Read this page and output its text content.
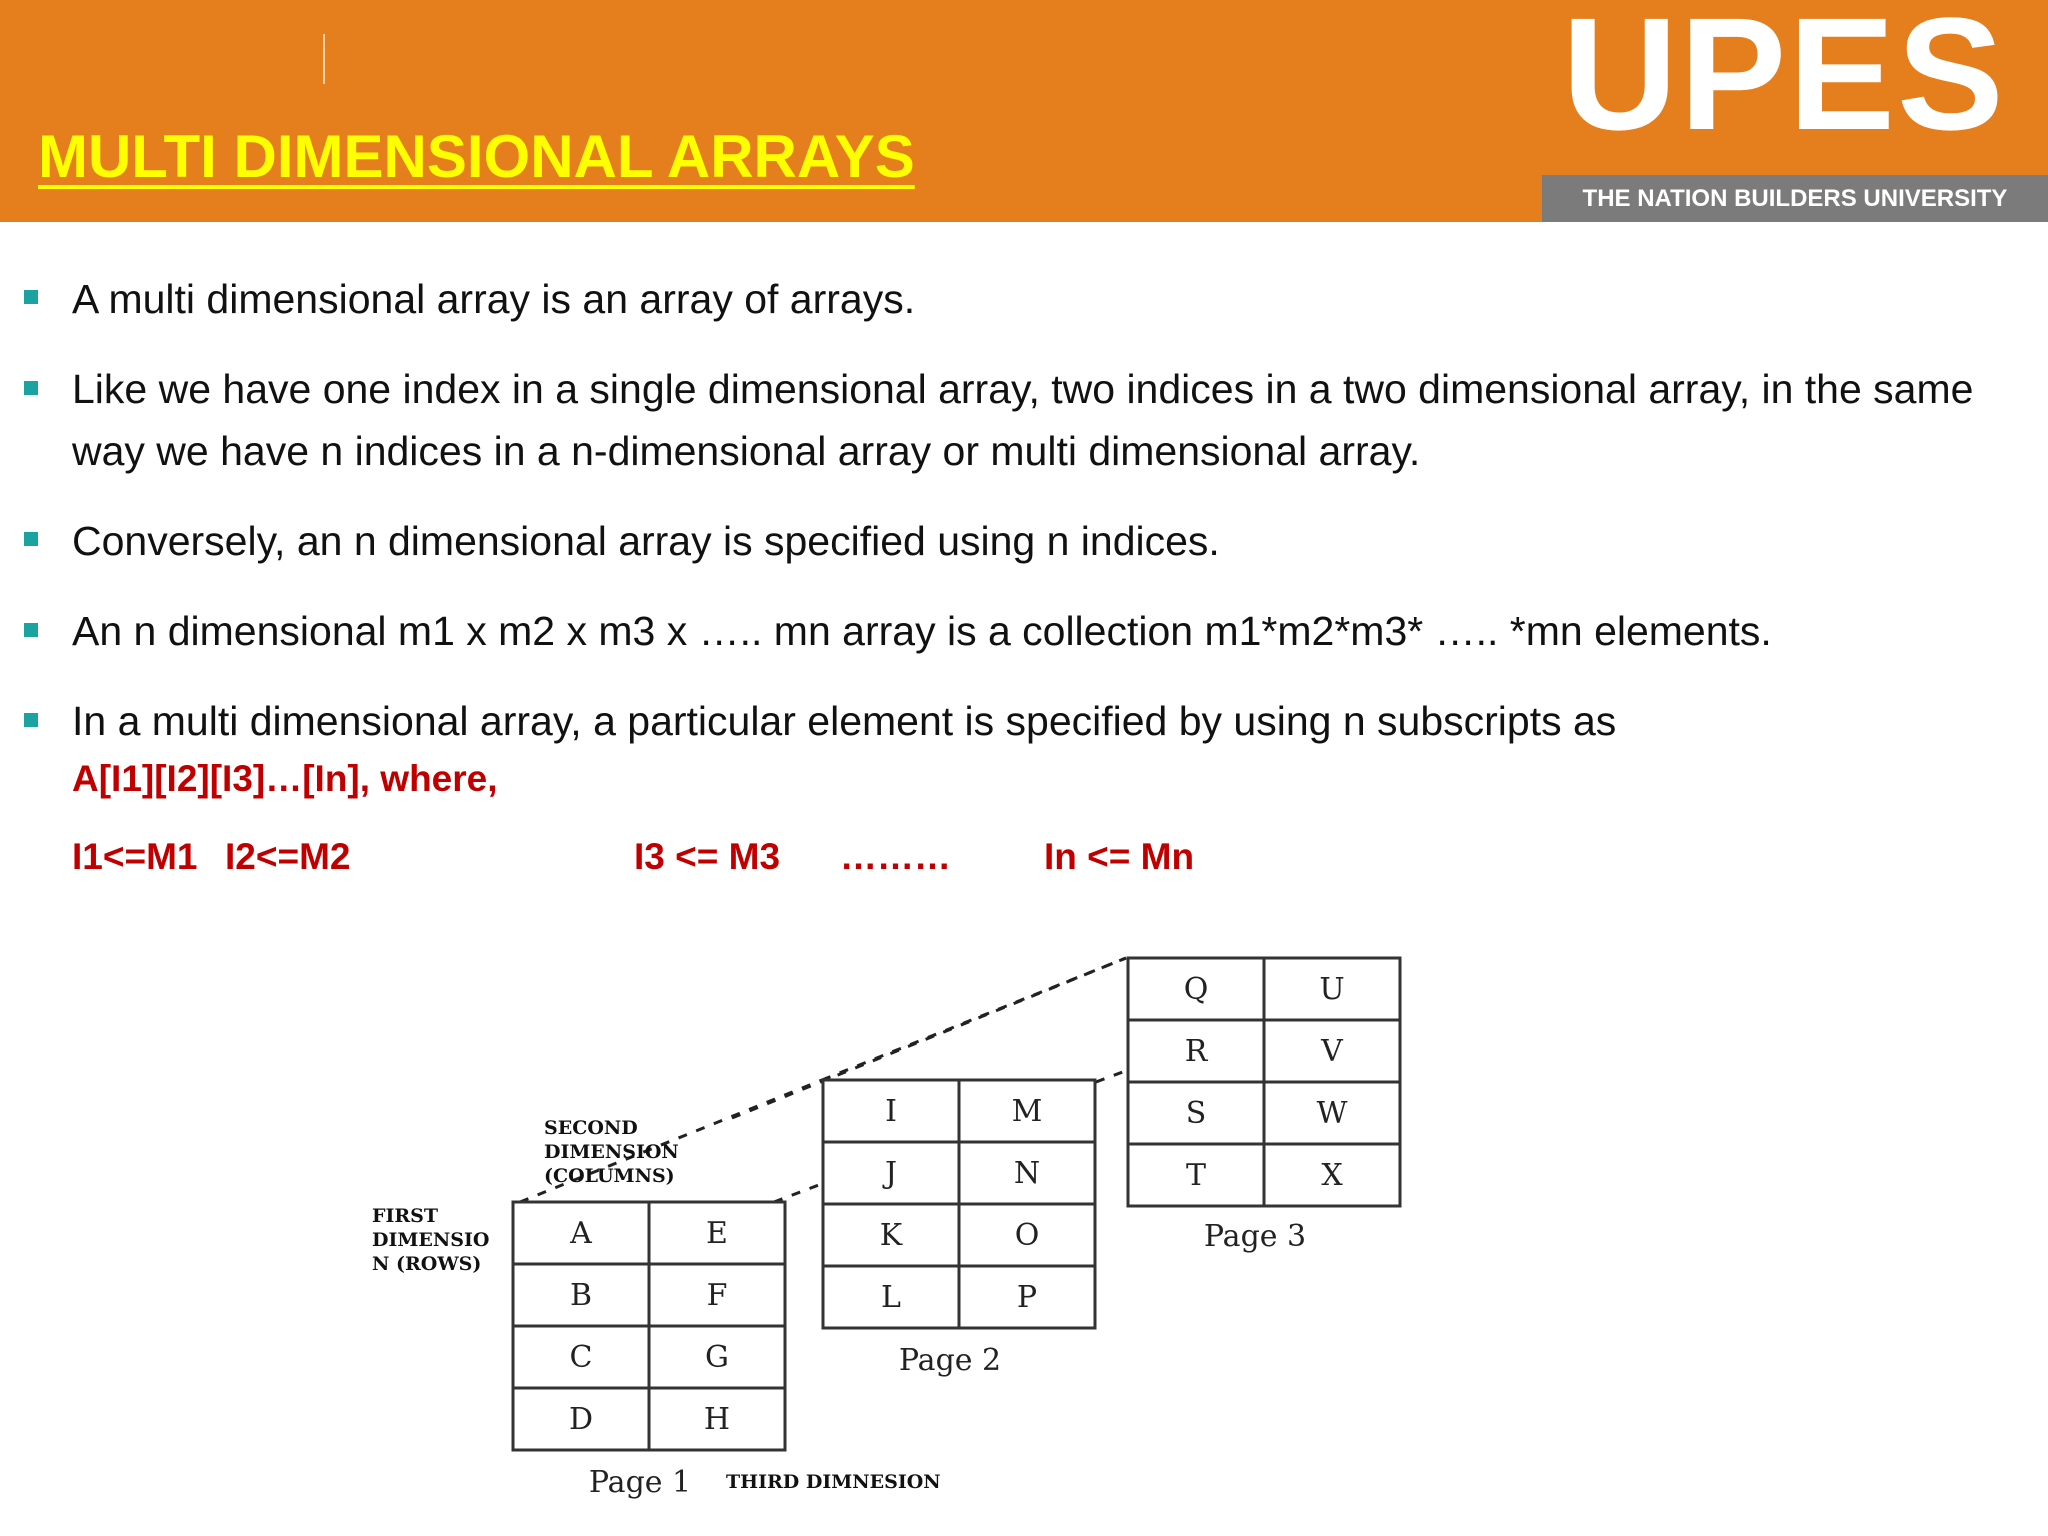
MULTI DIMENSIONAL ARRAYS	UPES
THE NATION BUILDERS UNIVERSITY
A multi dimensional array is an array of arrays.
Like we have one index in a single dimensional array, two indices in a two dimensional array, in the same way we have n indices in a n-dimensional array or multi dimensional array.
Conversely, an n dimensional array is specified using n indices.
An n dimensional m1 x m2 x m3 x ….. mn array is a collection m1*m2*m3* ….. *mn elements.
In a multi dimensional array, a particular element is specified by using n subscripts as
A[I1][I2][I3]…[In], where,
I1<=M1 I2<=M2	I3 <= M3 ………	In <= Mn
A	E
B	F
C	G
D	H
I	M
J	N
K	O
L	P
Q	U
R	V
S	W
T	X
Page 1
Page 2
Page 3
SECOND
DIMENSION
(COLUMNS)
FIRST
DIMENSIO
N (ROWS)
THIRD DIMNESION
